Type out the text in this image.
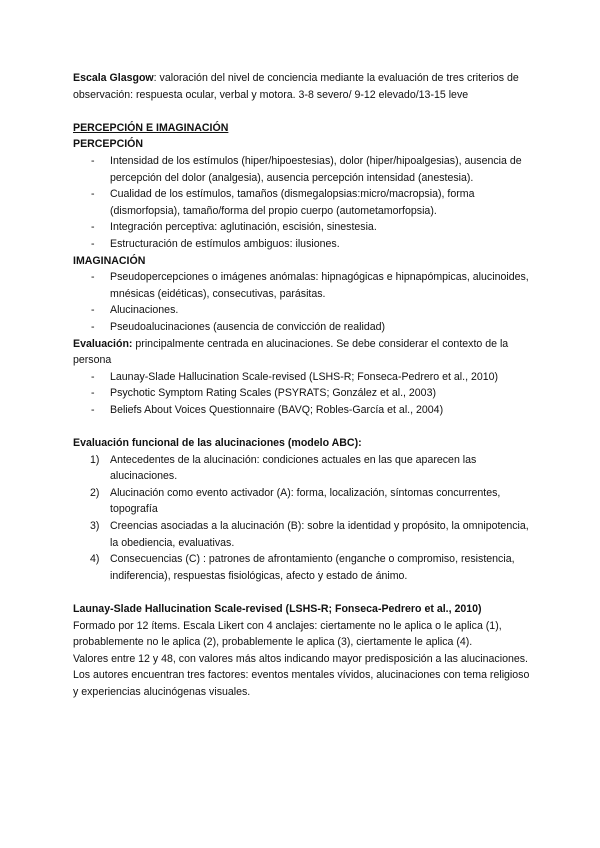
Escala Glasgow: valoración del nivel de conciencia mediante la evaluación de tres criterios de observación: respuesta ocular, verbal y motora. 3-8 severo/ 9-12 elevado/13-15 leve

PERCEPCIÓN E IMAGINACIÓN

PERCEPCIÓN

- Intensidad de los estímulos (hiper/hipoestesias), dolor (hiper/hipoalgesias), ausencia de percepción del dolor (analgesia), ausencia percepción intensidad (anestesia).
- Cualidad de los estímulos, tamaños (dismegalopsias:micro/macropsia), forma (dismorfopsia), tamaño/forma del propio cuerpo (autometamorfopsia).
- Integración perceptiva: aglutinación, escisión, sinestesia.
- Estructuración de estímulos ambiguos: ilusiones.

IMAGINACIÓN

- Pseudopercepciones o imágenes anómalas: hipnagógicas e hipnapómpicas, alucinoides, mnésicas (eidéticas), consecutivas, parásitas.
- Alucinaciones.
- Pseudoalucinaciones (ausencia de convicción de realidad)

Evaluación: principalmente centrada en alucinaciones. Se debe considerar el contexto de la persona

- Launay-Slade Hallucination Scale-revised (LSHS-R; Fonseca-Pedrero et al., 2010)
- Psychotic Symptom Rating Scales (PSYRATS; González et al., 2003)
- Beliefs About Voices Questionnaire (BAVQ; Robles-García et al., 2004)

Evaluación funcional de las alucinaciones (modelo ABC):

1) Antecedentes de la alucinación: condiciones actuales en las que aparecen las alucinaciones.
2) Alucinación como evento activador (A): forma, localización, síntomas concurrentes, topografía
3) Creencias asociadas a la alucinación (B): sobre la identidad y propósito, la omnipotencia, la obediencia, evaluativas.
4) Consecuencias (C) : patrones de afrontamiento (enganche o compromiso, resistencia, indiferencia), respuestas fisiológicas, afecto y estado de ánimo.

Launay-Slade Hallucination Scale-revised (LSHS-R; Fonseca-Pedrero et al., 2010)

Formado por 12 ítems. Escala Likert con 4 anclajes: ciertamente no le aplica o le aplica (1), probablemente no le aplica (2), probablemente le aplica (3), ciertamente le aplica (4).

Valores entre 12 y 48, con valores más altos indicando mayor predisposición a las alucinaciones.

Los autores encuentran tres factores: eventos mentales vívidos, alucinaciones con tema religioso y experiencias alucinógenas visuales.
